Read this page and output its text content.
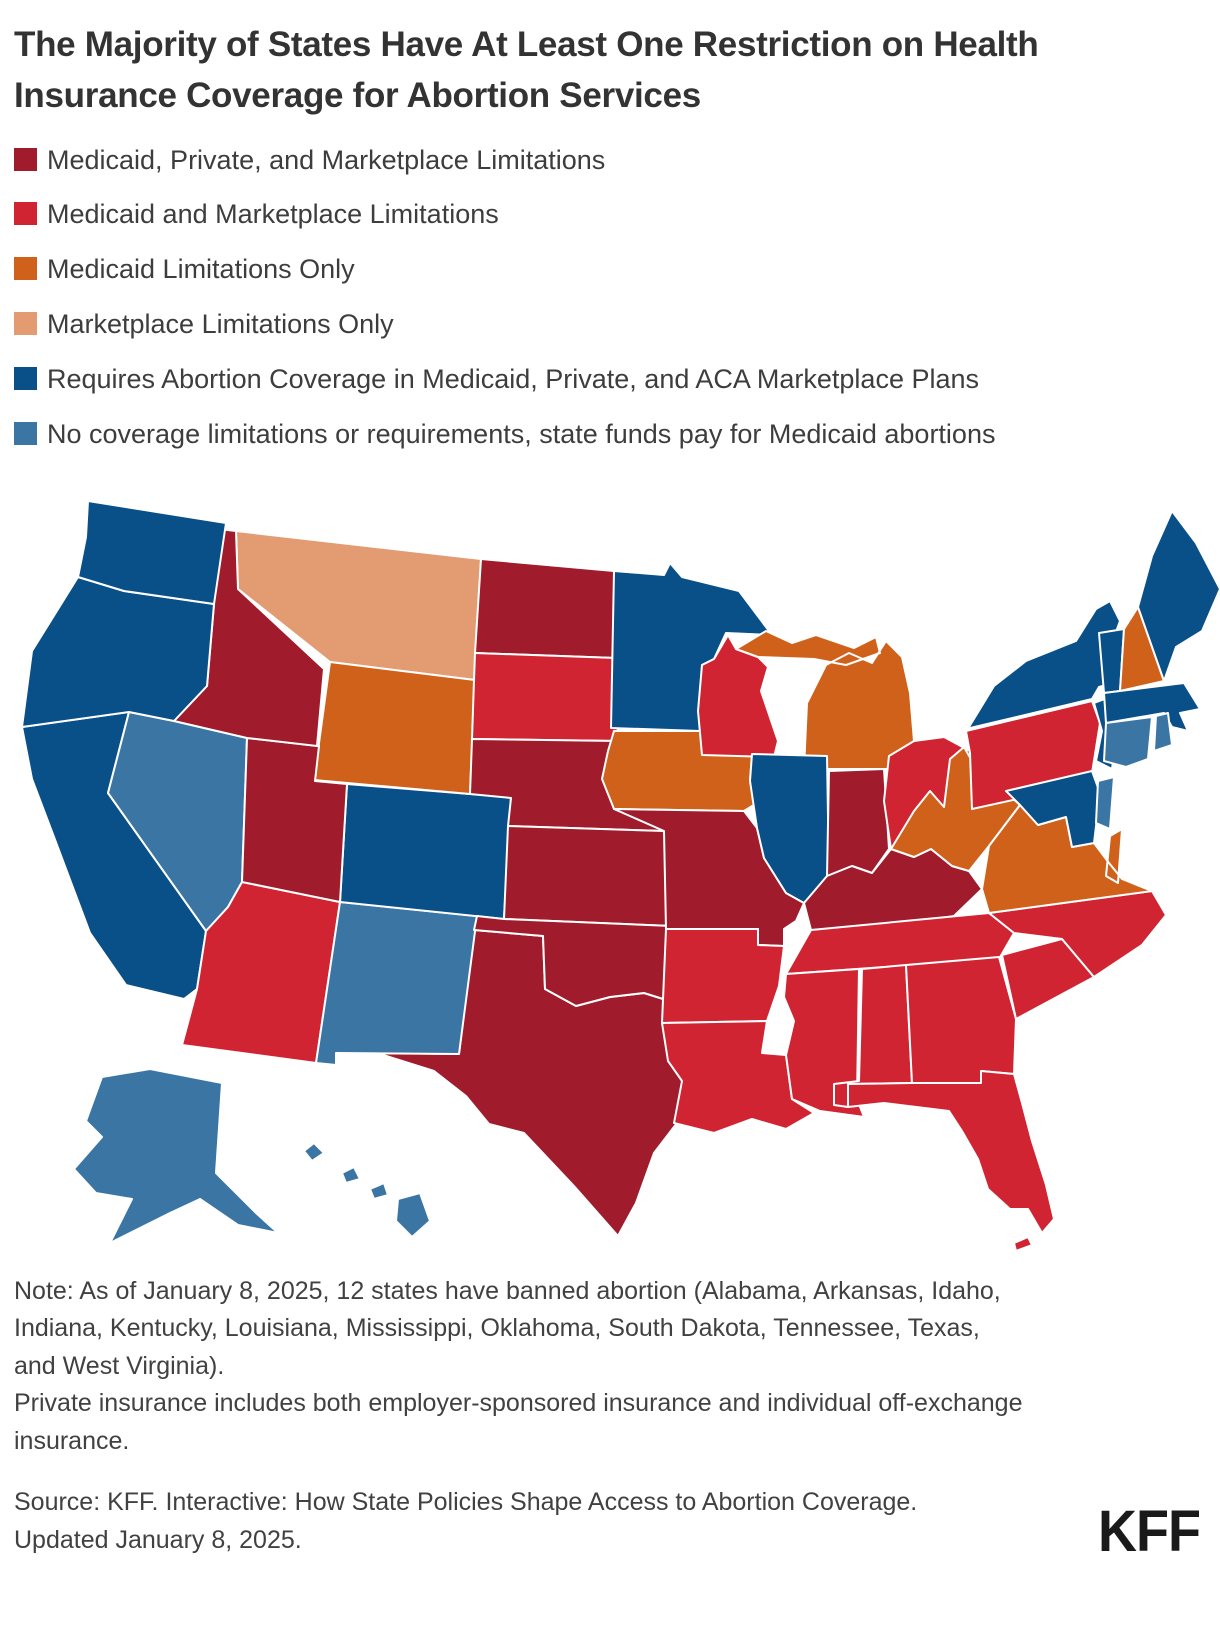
The Majority of States Have At Least One Restriction on Health Insurance Coverage for Abortion Services
Medicaid, Private, and Marketplace Limitations
Medicaid and Marketplace Limitations
Medicaid Limitations Only
Marketplace Limitations Only
Requires Abortion Coverage in Medicaid, Private, and ACA Marketplace Plans
No coverage limitations or requirements, state funds pay for Medicaid abortions

Note: As of January 8, 2025, 12 states have banned abortion (Alabama, Arkansas, Idaho, Indiana, Kentucky, Louisiana, Mississippi, Oklahoma, South Dakota, Tennessee, Texas, and West Virginia).

Private insurance includes both employer-sponsored insurance and individual off-exchange insurance.

Source: KFF. Interactive: How State Policies Shape Access to Abortion Coverage. Updated January 8, 2025.	KFF
